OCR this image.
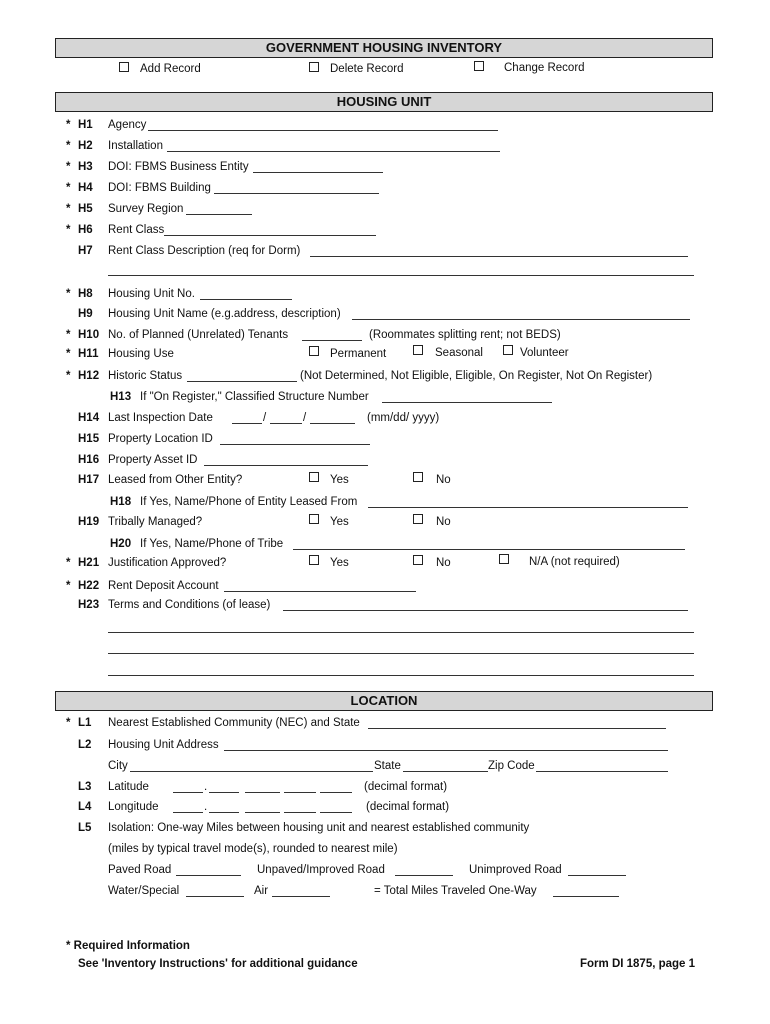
GOVERNMENT HOUSING INVENTORY
Add Record	Delete Record	Change Record
HOUSING UNIT
* H1 Agency
* H2 Installation
* H3 DOI: FBMS Business Entity
* H4 DOI: FBMS Building
* H5 Survey Region
* H6 Rent Class
H7 Rent Class Description (req for Dorm)
* H8 Housing Unit No.
H9 Housing Unit Name (e.g.address, description)
* H10 No. of Planned (Unrelated) Tenants	(Roommates splitting rent; not BEDS)
* H11 Housing Use	Permanent	Seasonal	Volunteer
* H12 Historic Status	(Not Determined, Not Eligible, Eligible, On Register, Not On Register)
H13 If "On Register," Classified Structure Number
H14 Last Inspection Date	/	/	(mm/dd/ yyyy)
H15 Property Location ID
H16 Property Asset ID
H17 Leased from Other Entity?	Yes	No
H18 If Yes, Name/Phone of Entity Leased From
H19 Tribally Managed?	Yes	No
H20 If Yes, Name/Phone of Tribe
* H21 Justification Approved?	Yes	No	N/A (not required)
* H22 Rent Deposit Account
H23 Terms and Conditions (of lease)
LOCATION
* L1 Nearest Established Community (NEC) and State
L2 Housing Unit Address
City	State	Zip Code
L3 Latitude	.	(decimal format)
L4 Longitude	.	(decimal format)
L5 Isolation: One-way Miles between housing unit and nearest established community
(miles by typical travel mode(s), rounded to nearest mile)
Paved Road	Unpaved/Improved Road	Unimproved Road
Water/Special	Air	= Total Miles Traveled One-Way
* Required Information
See 'Inventory Instructions' for additional guidance	Form DI 1875, page 1
